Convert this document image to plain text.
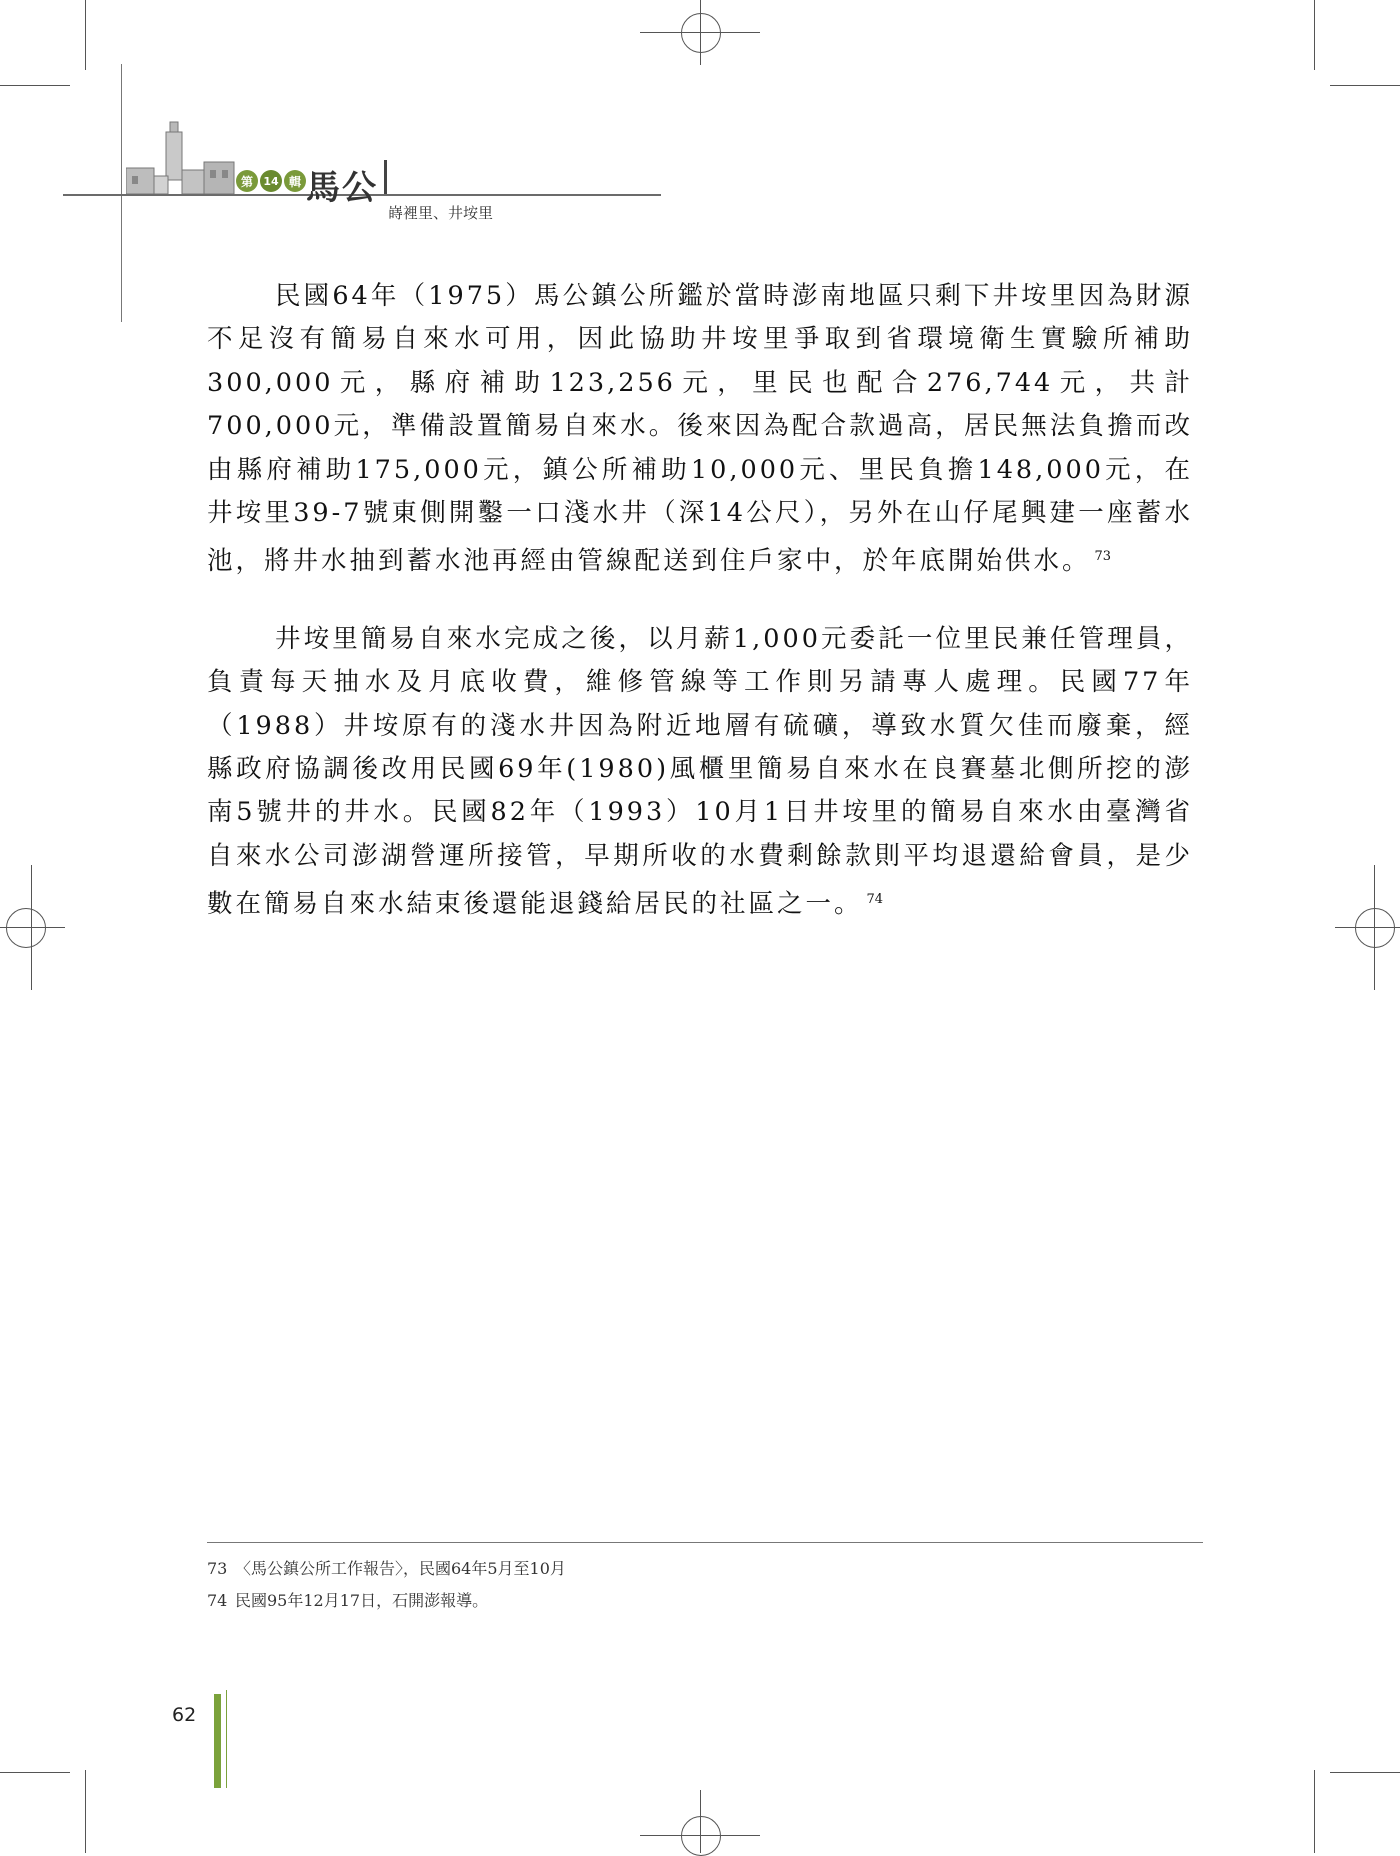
第 14 輯 馬公
嵵裡里、井垵里

民國64年（1975）馬公鎮公所鑑於當時澎南地區只剩下井垵里因為財源不足沒有簡易自來水可用，因此協助井垵里爭取到省環境衛生實驗所補助300,000元，縣府補助123,256元，里民也配合276,744元，共計700,000元，準備設置簡易自來水。後來因為配合款過高，居民無法負擔而改由縣府補助175,000元，鎮公所補助10,000元、里民負擔148,000元，在井垵里39-7號東側開鑿一口淺水井（深14公尺），另外在山仔尾興建一座蓄水池，將井水抽到蓄水池再經由管線配送到住戶家中，於年底開始供水。 $^{73}$

井垵里簡易自來水完成之後，以月薪1,000元委託一位里民兼任管理員，負責每天抽水及月底收費，維修管線等工作則另請專人處理。民國77年（1988）井垵原有的淺水井因為附近地層有硫礦，導致水質欠佳而廢棄，經縣政府協調後改用民國69年(1980)風櫃里簡易自來水在良賽墓北側所挖的澎南5號井的井水。民國82年（1993）10月1日井垵里的簡易自來水由臺灣省自來水公司澎湖營運所接管，早期所收的水費剩餘款則平均退還給會員，是少數在簡易自來水結束後還能退錢給居民的社區之一。 $^{74}$

73 〈馬公鎮公所工作報告〉，民國64年5月至10月
74 民國95年12月17日，石開澎報導。
62
